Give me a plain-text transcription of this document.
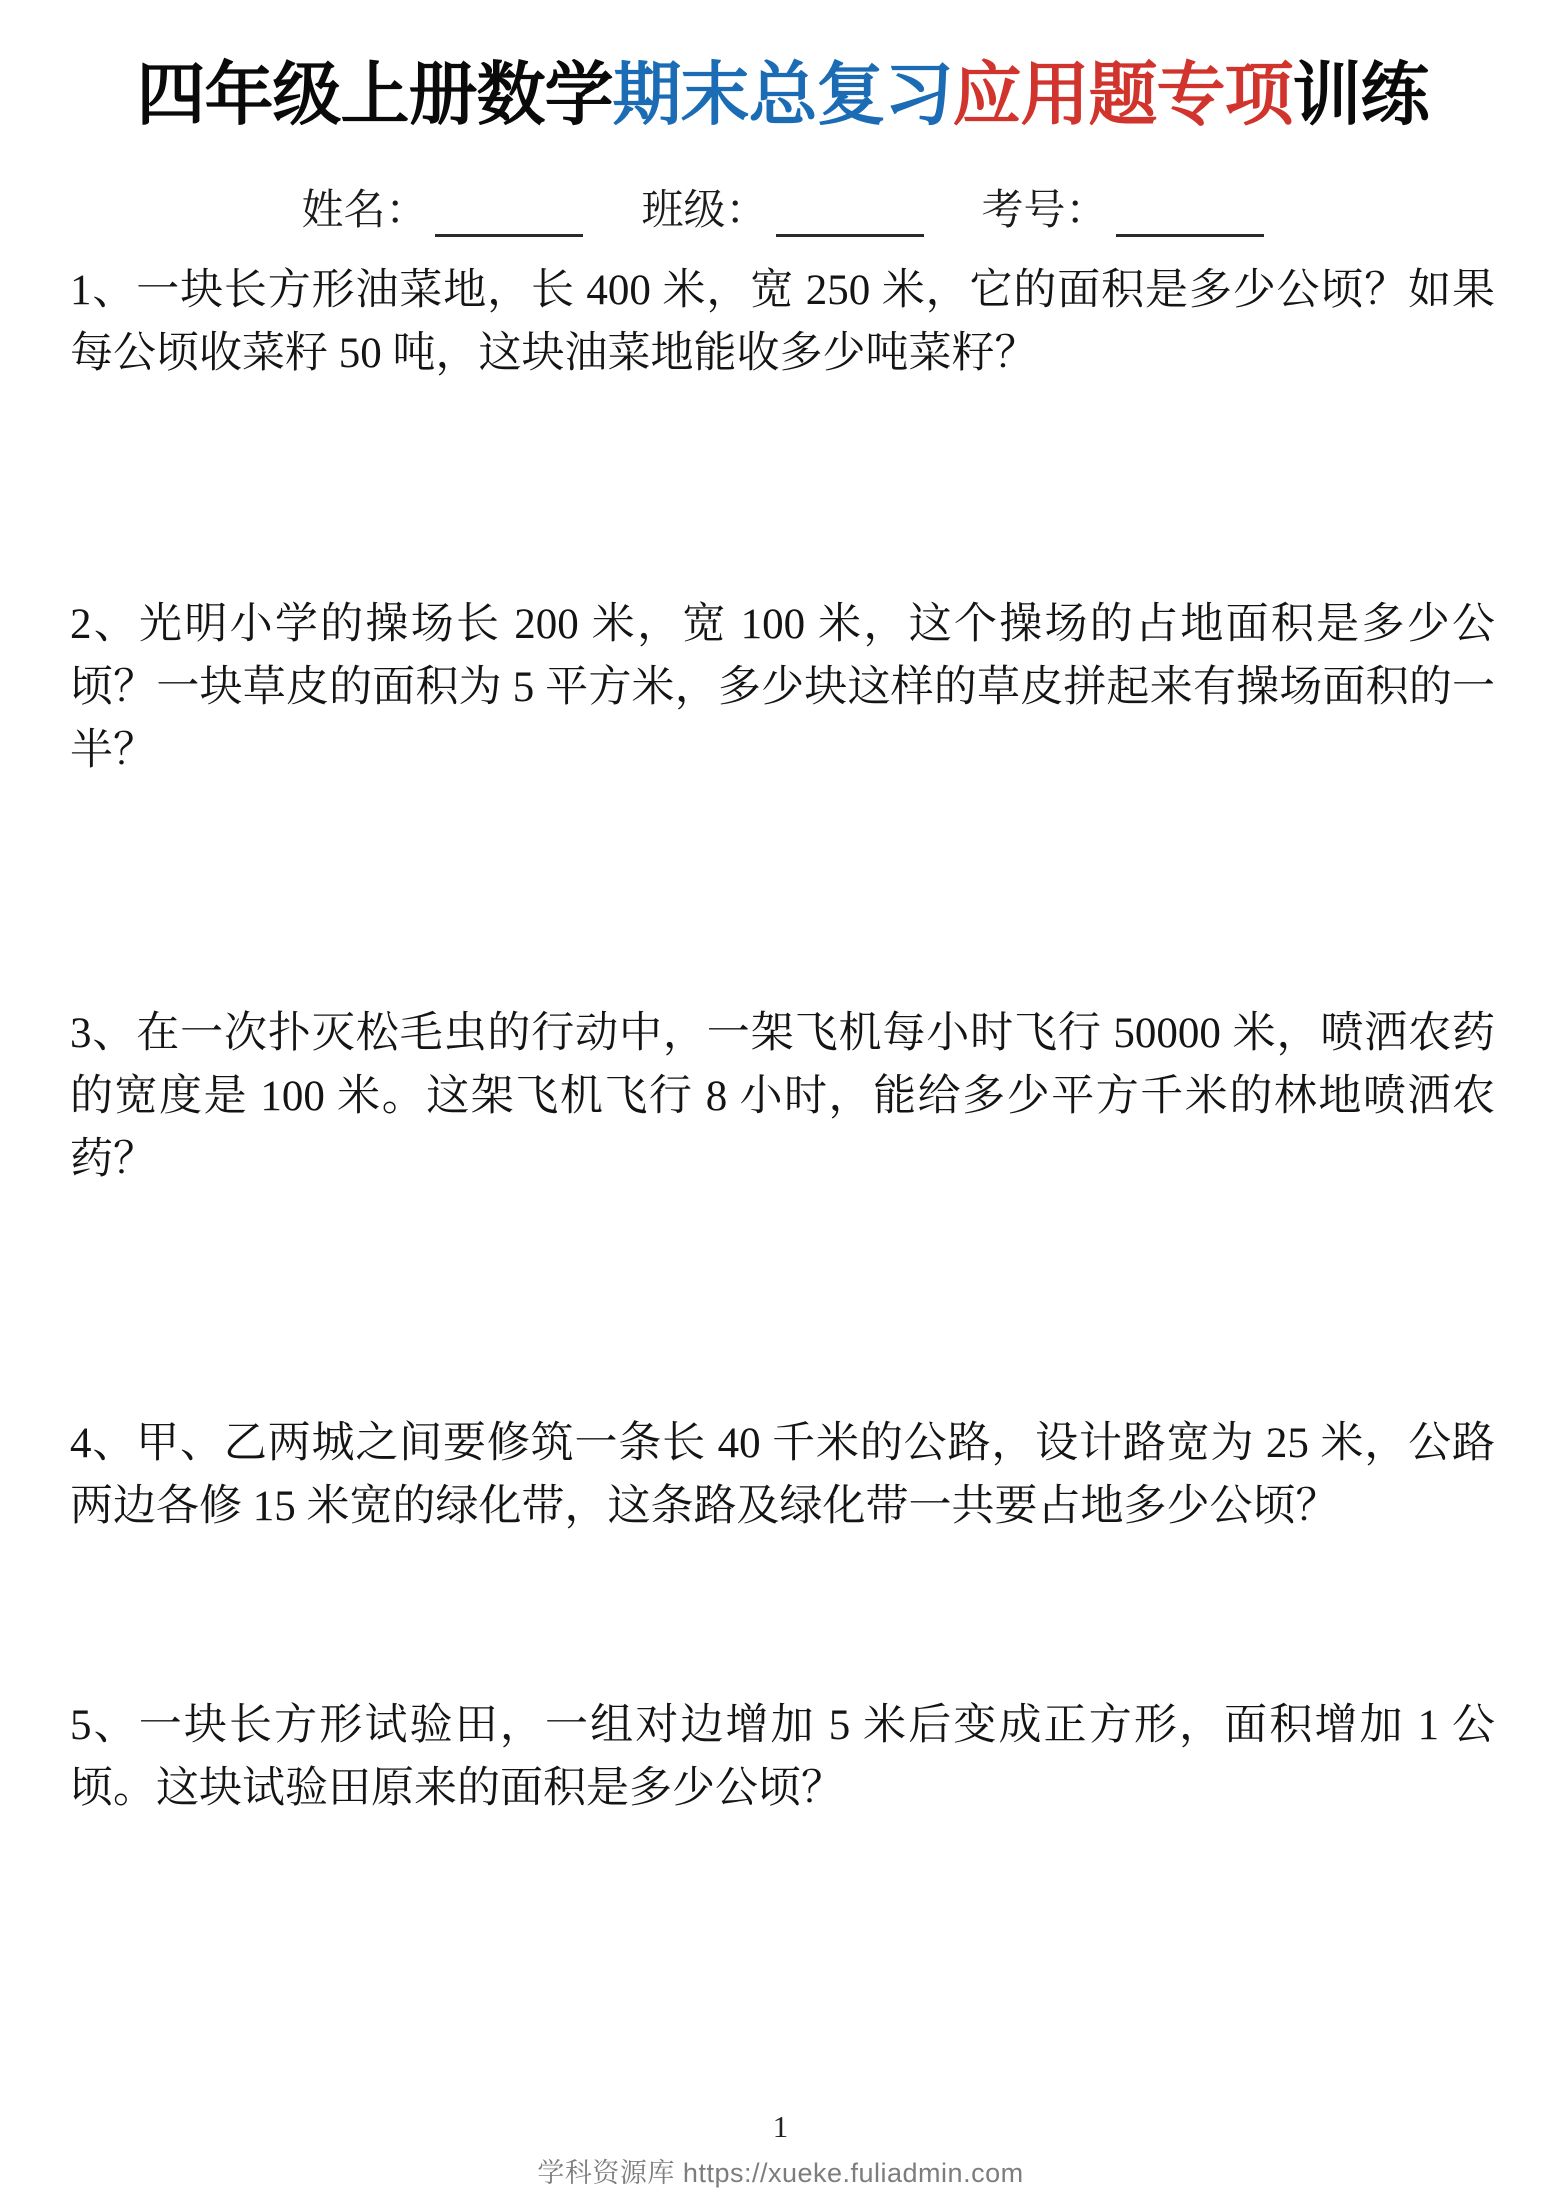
四年级上册数学期末总复习应用题专项训练
姓名：	班级：	考号：

1、一块长方形油菜地，长 400 米，宽 250 米，它的面积是多少公顷？如果每公顷收菜籽 50 吨，这块油菜地能收多少吨菜籽？

2、光明小学的操场长 200 米，宽 100 米，这个操场的占地面积是多少公顷？一块草皮的面积为 5 平方米，多少块这样的草皮拼起来有操场面积的一半？

3、在一次扑灭松毛虫的行动中，一架飞机每小时飞行 50000 米，喷洒农药的宽度是 100 米。这架飞机飞行 8 小时，能给多少平方千米的林地喷洒农药？

4、甲、乙两城之间要修筑一条长 40 千米的公路，设计路宽为 25 米，公路两边各修 15 米宽的绿化带，这条路及绿化带一共要占地多少公顷？

5、一块长方形试验田，一组对边增加 5 米后变成正方形，面积增加 1 公顷。这块试验田原来的面积是多少公顷？

1
学科资源库 https://xueke.fuliadmin.com
